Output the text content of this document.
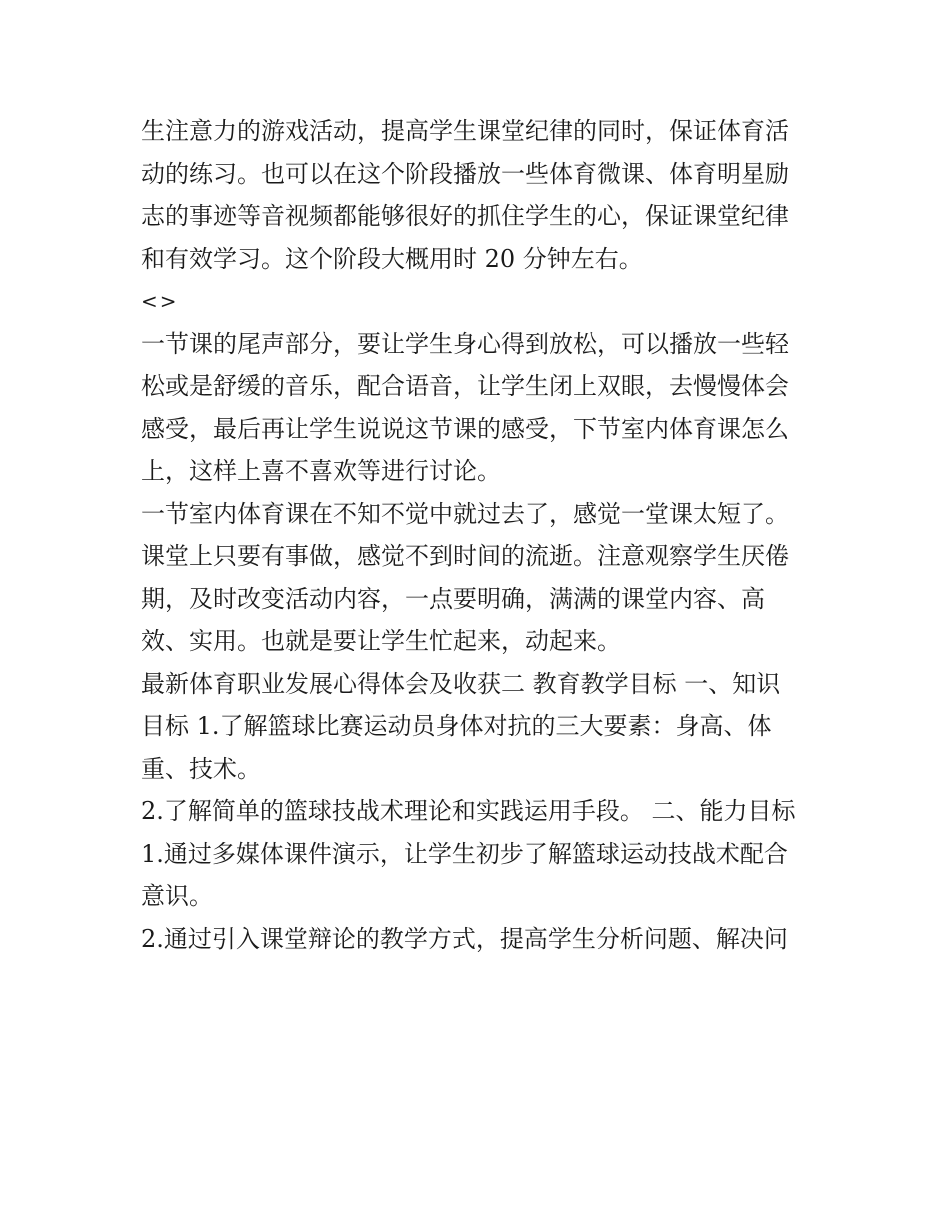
生注意力的游戏活动，提高学生课堂纪律的同时，保证体育活
动的练习。也可以在这个阶段播放一些体育微课、体育明星励
志的事迹等音视频都能够很好的抓住学生的心，保证课堂纪律
和有效学习。这个阶段大概用时 20 分钟左右。
<>
一节课的尾声部分，要让学生身心得到放松，可以播放一些轻
松或是舒缓的音乐，配合语音，让学生闭上双眼，去慢慢体会
感受，最后再让学生说说这节课的感受，下节室内体育课怎么
上，这样上喜不喜欢等进行讨论。
一节室内体育课在不知不觉中就过去了，感觉一堂课太短了。
课堂上只要有事做，感觉不到时间的流逝。注意观察学生厌倦
期，及时改变活动内容，一点要明确，满满的课堂内容、高
效、实用。也就是要让学生忙起来，动起来。
最新体育职业发展心得体会及收获二 教育教学目标 一、知识
目标 1.了解篮球比赛运动员身体对抗的三大要素：身高、体
重、技术。
2.了解简单的篮球技战术理论和实践运用手段。 二、能力目标
1.通过多媒体课件演示，让学生初步了解篮球运动技战术配合
意识。
2.通过引入课堂辩论的教学方式，提高学生分析问题、解决问
